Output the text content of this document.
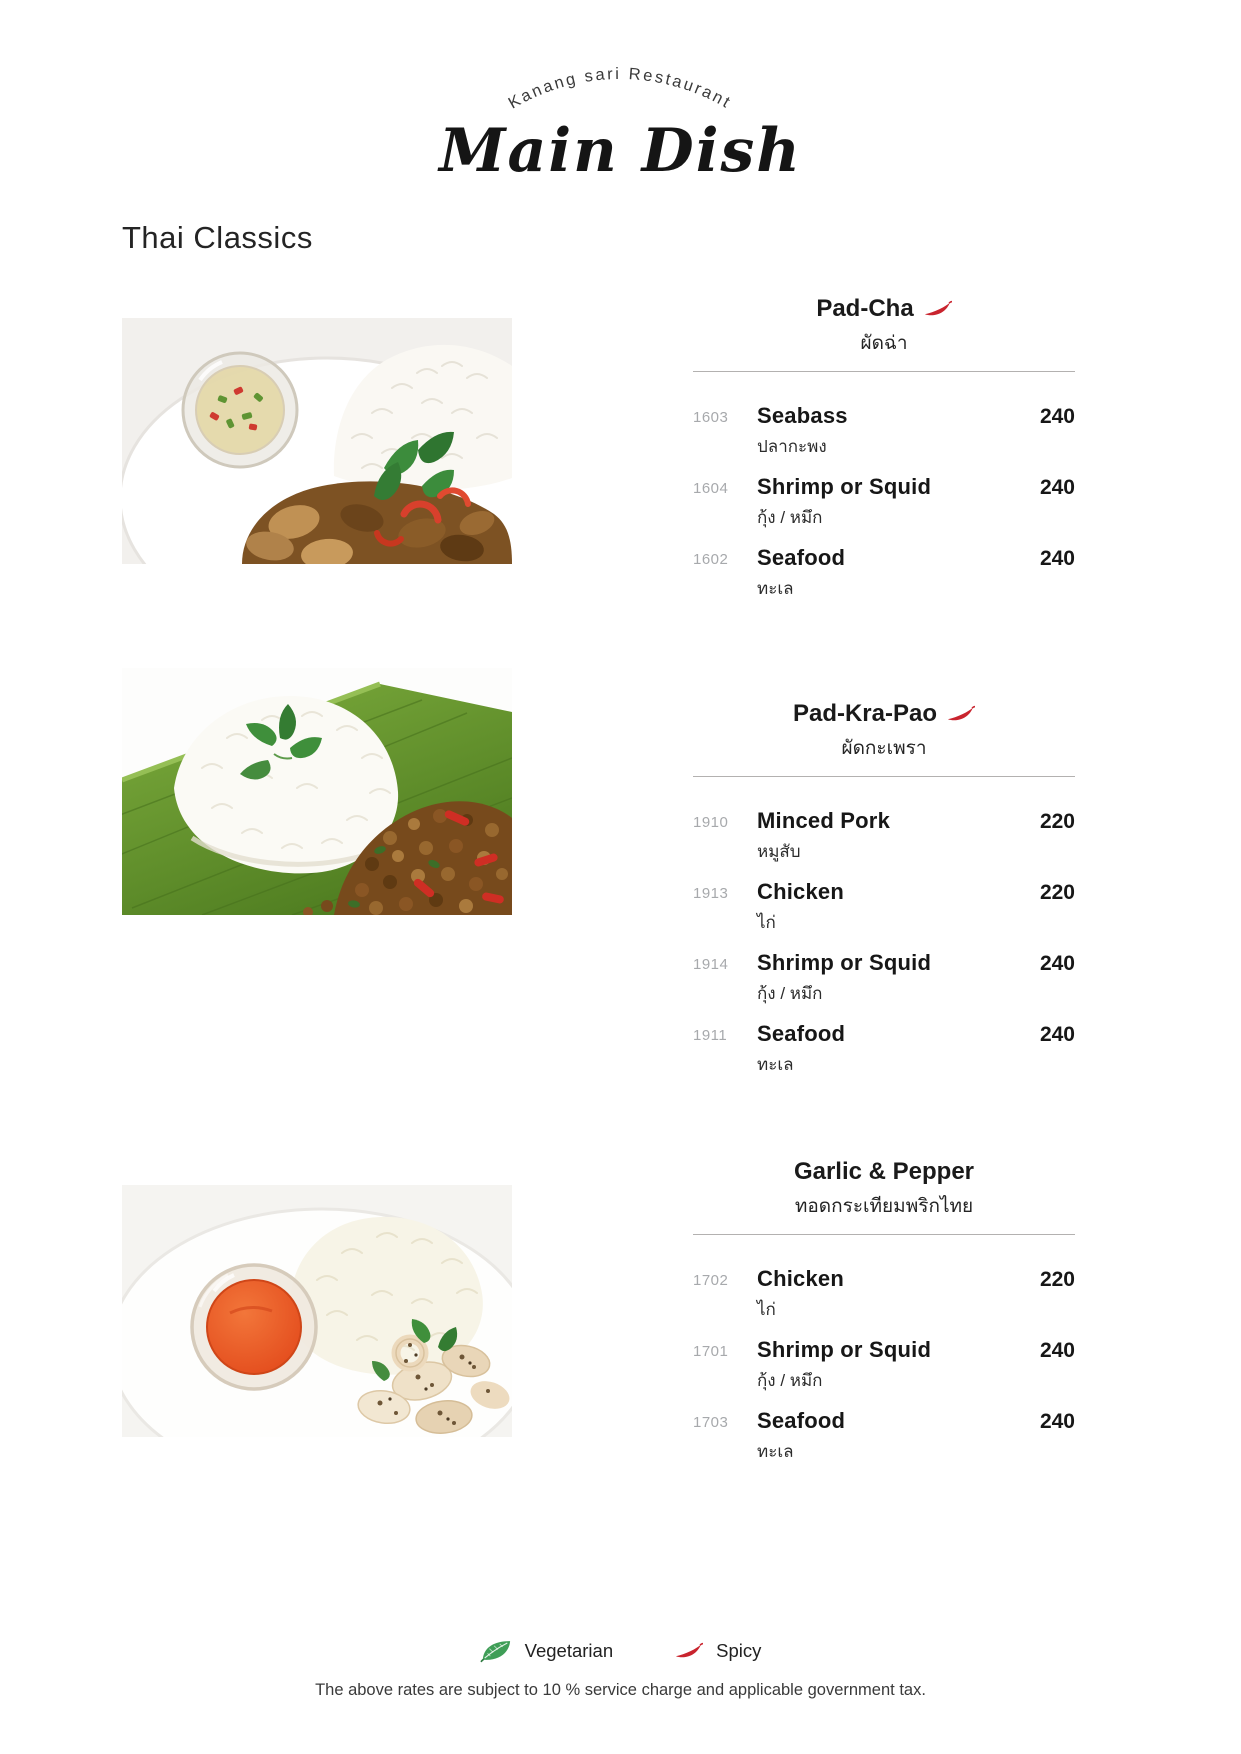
Kanang sari Restaurant
Main Dish
Thai Classics
Pad-Cha
ผัดฉ่า
1603	Seabass
ปลากะพง
240
1604	Shrimp or Squid
กุ้ง / หมึก
240
1602	Seafood
ทะเล
240
Pad-Kra-Pao
ผัดกะเพรา
1910	Minced Pork
หมูสับ
220
1913	Chicken
ไก่
220
1914	Shrimp or Squid
กุ้ง / หมึก
240
1911	Seafood
ทะเล
240
Garlic & Pepper
ทอดกระเทียมพริกไทย
1702	Chicken
ไก่
220
1701	Shrimp or Squid
กุ้ง / หมึก
240
1703	Seafood
ทะเล
240
Vegetarian	Spicy
The above rates are subject to 10 % service charge and applicable government tax.
